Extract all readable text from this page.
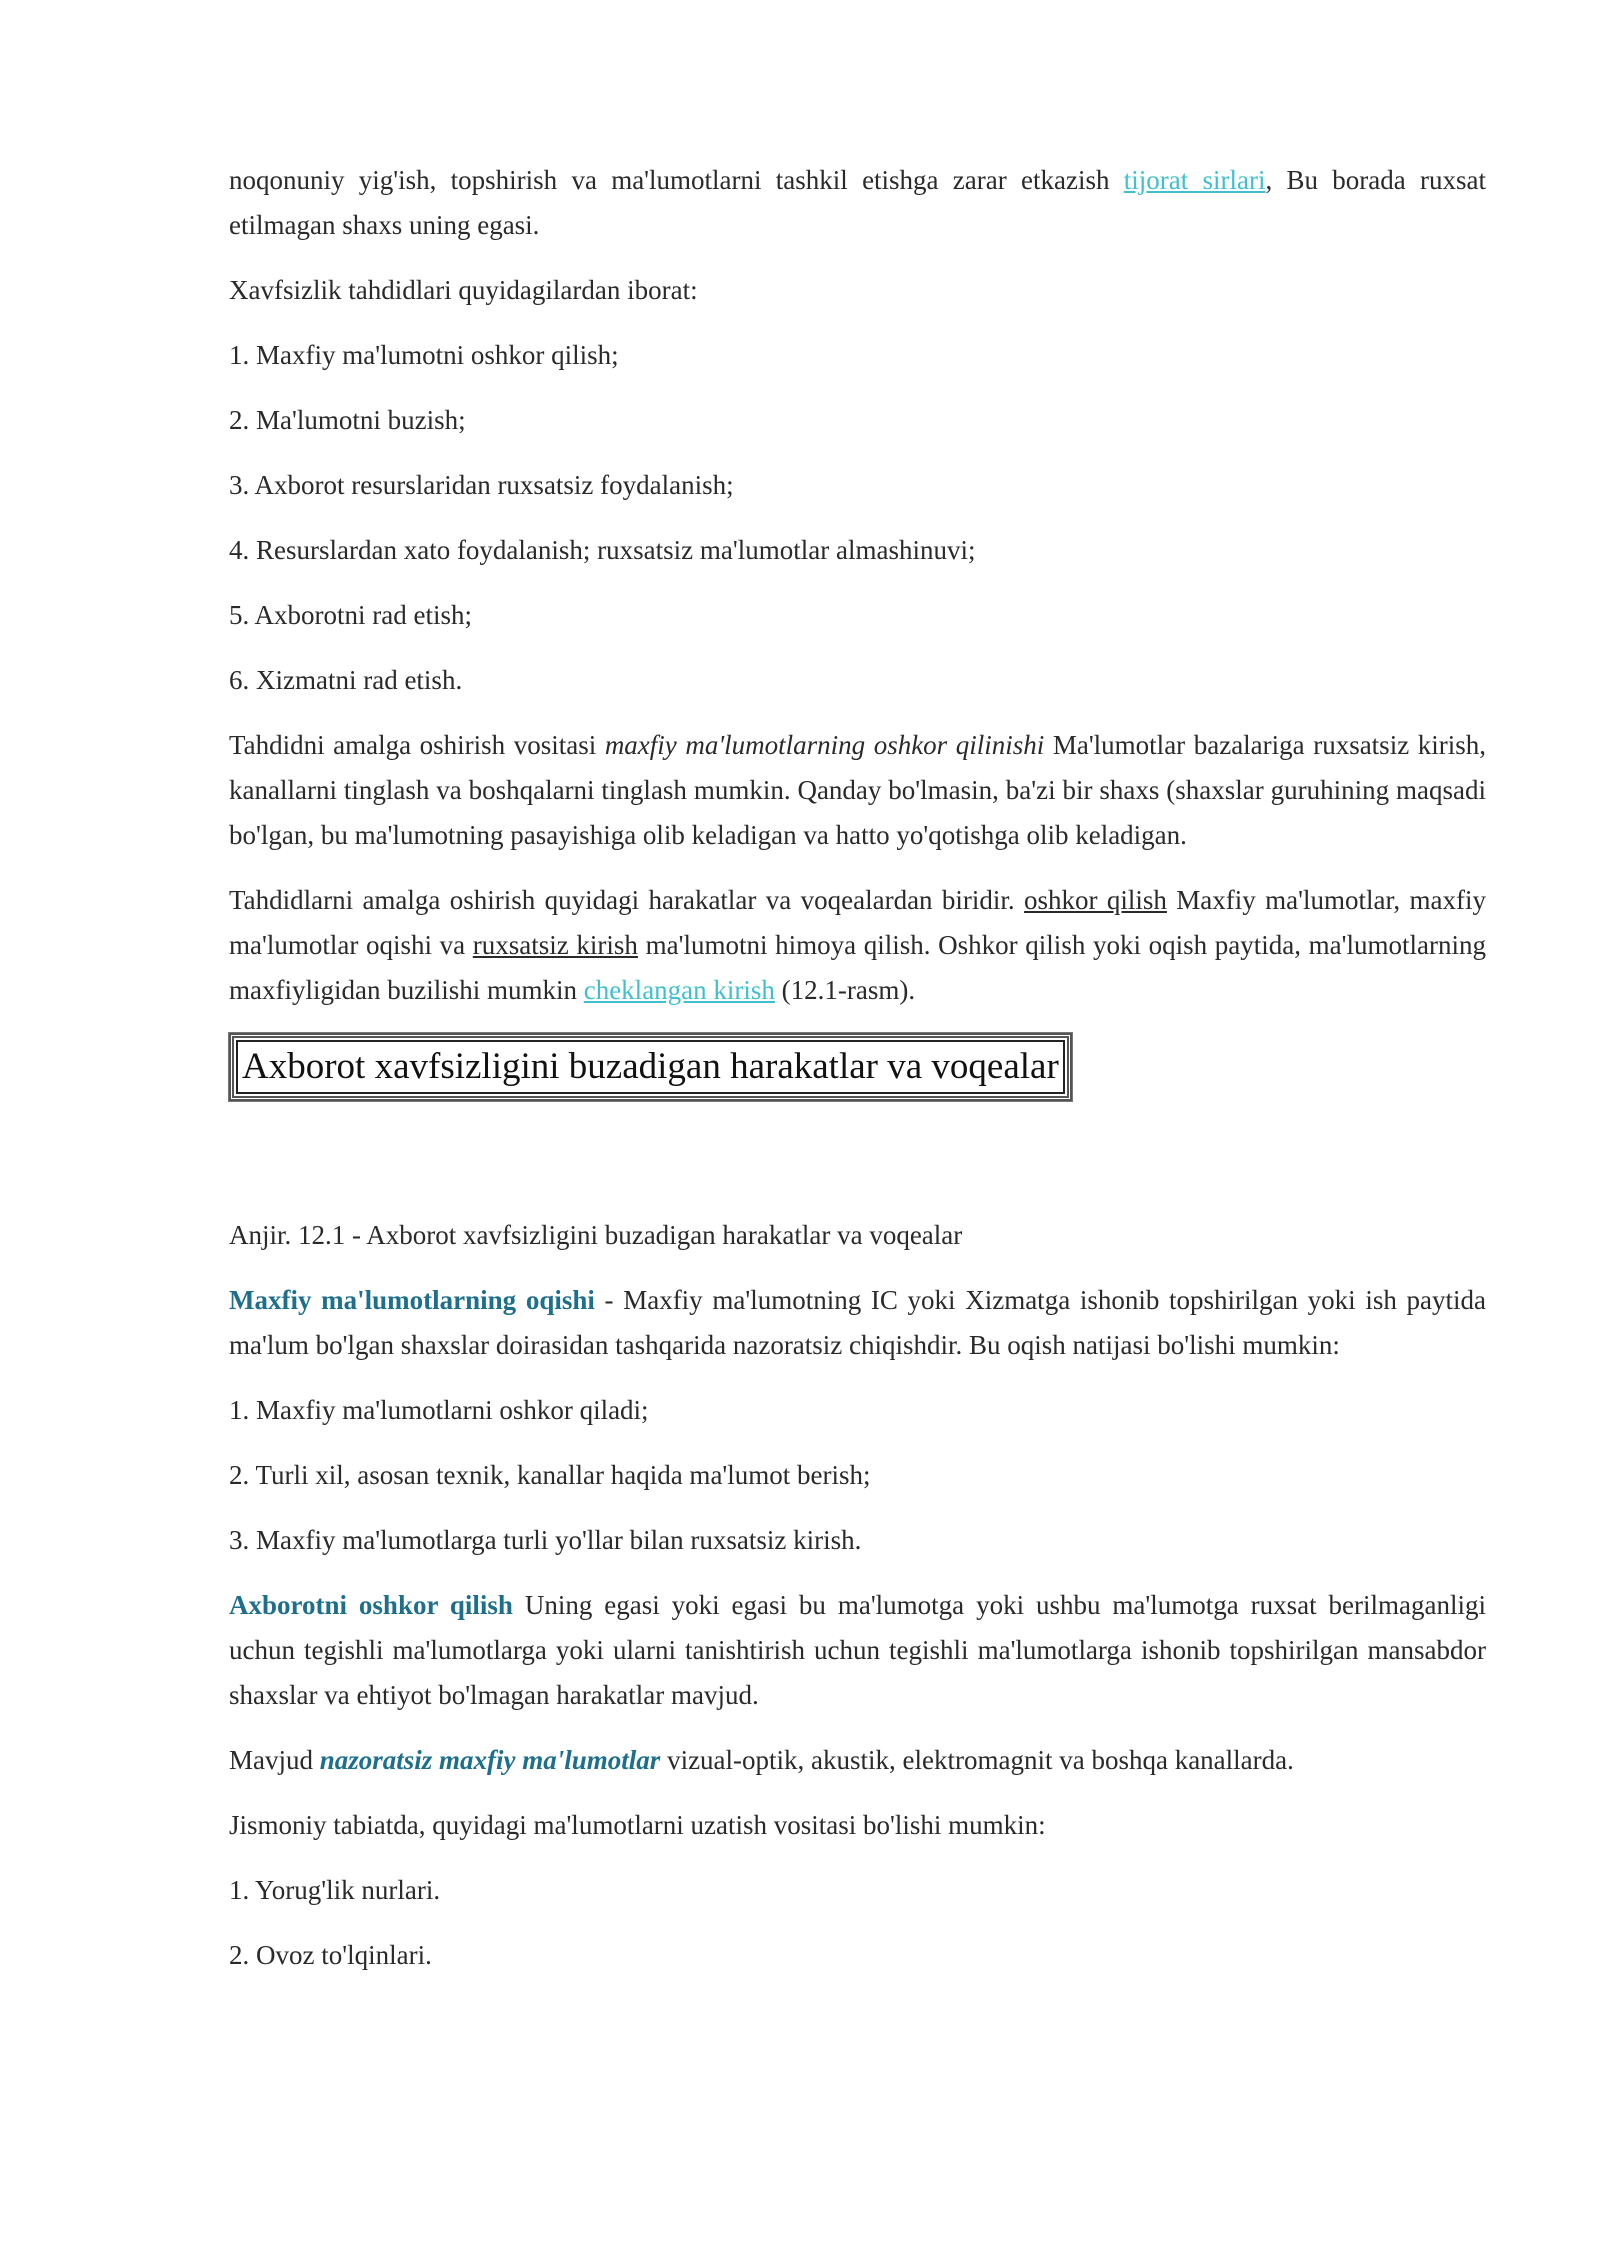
noqonuniy yig'ish, topshirish va ma'lumotlarni tashkil etishga zarar etkazish tijorat sirlari, Bu borada ruxsat etilmagan shaxs uning egasi.

Xavfsizlik tahdidlari quyidagilardan iborat:

1. Maxfiy ma'lumotni oshkor qilish;

2. Ma'lumotni buzish;

3. Axborot resurslaridan ruxsatsiz foydalanish;

4. Resurslardan xato foydalanish; ruxsatsiz ma'lumotlar almashinuvi;

5. Axborotni rad etish;

6. Xizmatni rad etish.

Tahdidni amalga oshirish vositasi maxfiy ma'lumotlarning oshkor qilinishi Ma'lumotlar bazalariga ruxsatsiz kirish, kanallarni tinglash va boshqalarni tinglash mumkin. Qanday bo'lmasin, ba'zi bir shaxs (shaxslar guruhining maqsadi bo'lgan, bu ma'lumotning pasayishiga olib keladigan va hatto yo'qotishga olib keladigan.

Tahdidlarni amalga oshirish quyidagi harakatlar va voqealardan biridir. oshkor qilish Maxfiy ma'lumotlar, maxfiy ma'lumotlar oqishi va ruxsatsiz kirish ma'lumotni himoya qilish. Oshkor qilish yoki oqish paytida, ma'lumotlarning maxfiyligidan buzilishi mumkin cheklangan kirish (12.1-rasm).

Axborot xavfsizligini buzadigan harakatlar va voqealar

Anjir. 12.1 - Axborot xavfsizligini buzadigan harakatlar va voqealar

Maxfiy ma'lumotlarning oqishi - Maxfiy ma'lumotning IC yoki Xizmatga ishonib topshirilgan yoki ish paytida ma'lum bo'lgan shaxslar doirasidan tashqarida nazoratsiz chiqishdir. Bu oqish natijasi bo'lishi mumkin:

1. Maxfiy ma'lumotlarni oshkor qiladi;

2. Turli xil, asosan texnik, kanallar haqida ma'lumot berish;

3. Maxfiy ma'lumotlarga turli yo'llar bilan ruxsatsiz kirish.

Axborotni oshkor qilish Uning egasi yoki egasi bu ma'lumotga yoki ushbu ma'lumotga ruxsat berilmaganligi uchun tegishli ma'lumotlarga yoki ularni tanishtirish uchun tegishli ma'lumotlarga ishonib topshirilgan mansabdor shaxslar va ehtiyot bo'lmagan harakatlar mavjud.

Mavjud nazoratsiz maxfiy ma'lumotlar vizual-optik, akustik, elektromagnit va boshqa kanallarda.

Jismoniy tabiatda, quyidagi ma'lumotlarni uzatish vositasi bo'lishi mumkin:

1. Yorug'lik nurlari.

2. Ovoz to'lqinlari.
